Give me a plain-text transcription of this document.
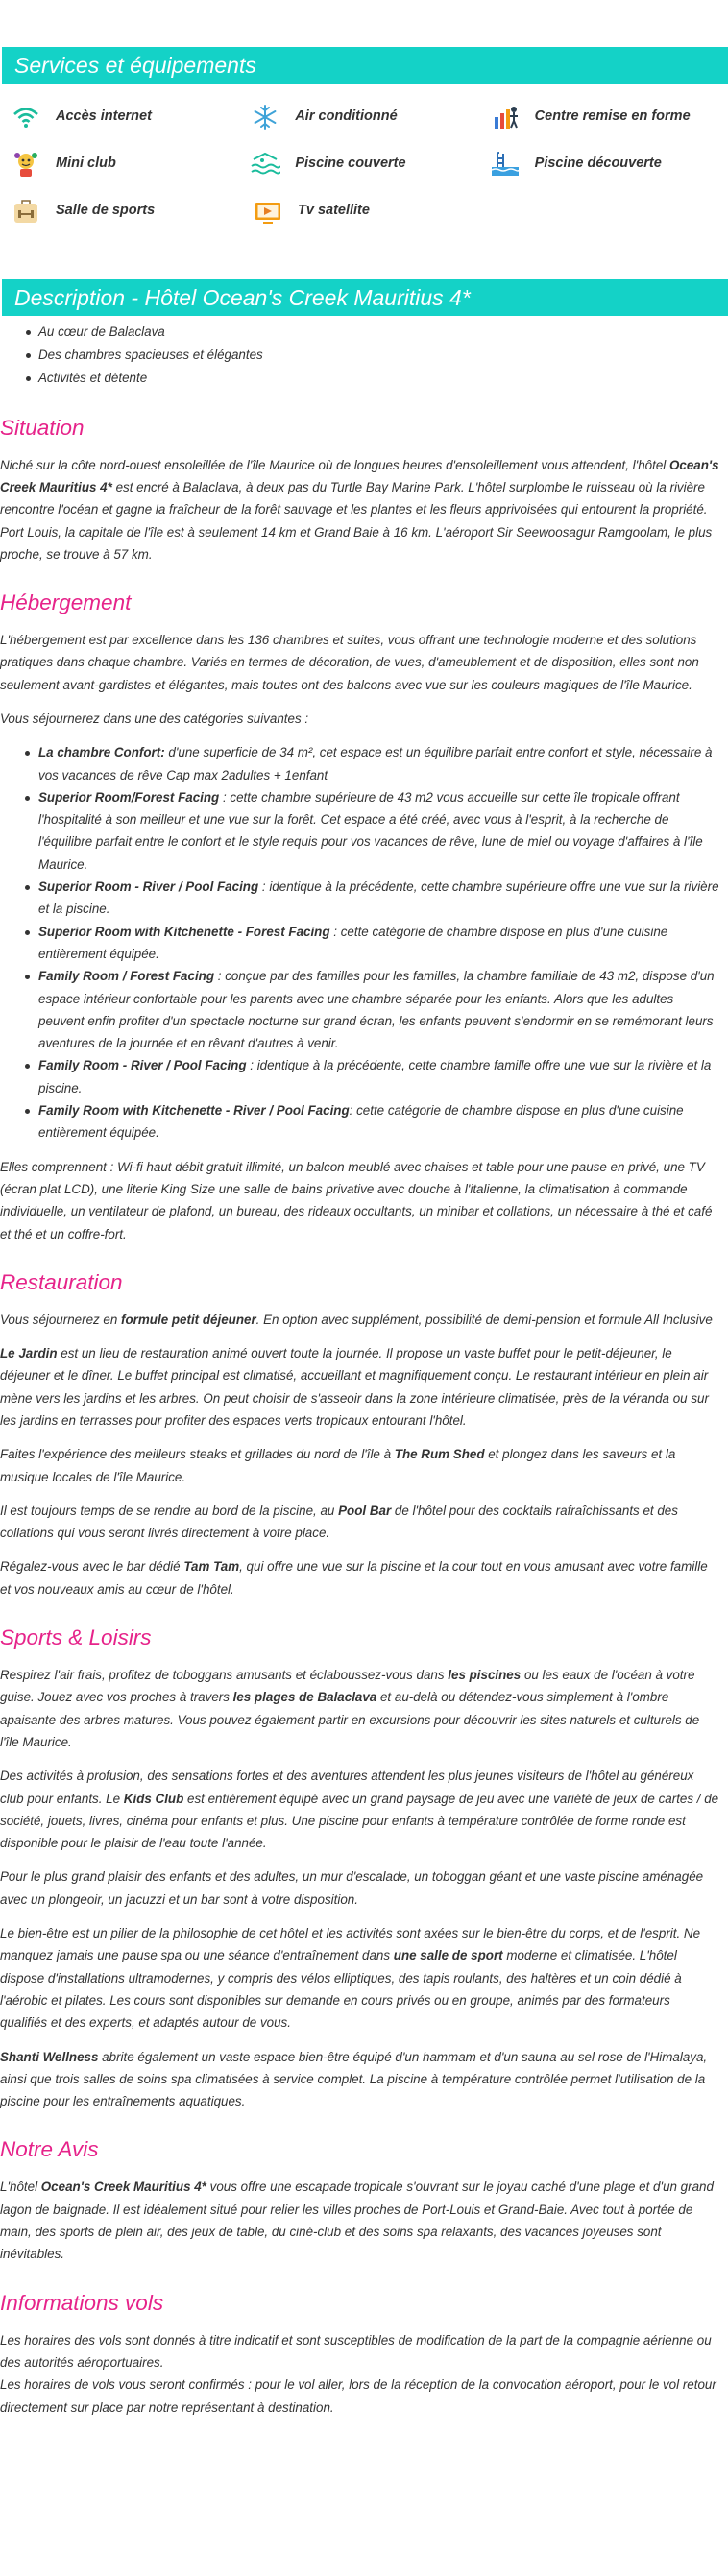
Services et équipements
Accès internet	Air conditionné	Centre remise en forme
Mini club	Piscine couverte	Piscine découverte
Salle de sports	Tv satellite
Description - Hôtel Ocean's Creek Mauritius 4*
Au cœur de Balaclava
Des chambres spacieuses et élégantes
Activités et détente
Situation

Niché sur la côte nord-ouest ensoleillée de l'île Maurice où de longues heures d'ensoleillement vous attendent, l'hôtel Ocean's Creek Mauritius 4* est encré à Balaclava, à deux pas du Turtle Bay Marine Park. L'hôtel surplombe le ruisseau où la rivière rencontre l'océan et gagne la fraîcheur de la forêt sauvage et les plantes et les fleurs apprivoisées qui entourent la propriété. Port Louis, la capitale de l'île est à seulement 14 km et Grand Baie à 16 km. L'aéroport Sir Seewoosagur Ramgoolam, le plus proche, se trouve à 57 km.

Hébergement

L'hébergement est par excellence dans les 136 chambres et suites, vous offrant une technologie moderne et des solutions pratiques dans chaque chambre. Variés en termes de décoration, de vues, d'ameublement et de disposition, elles sont non seulement avant-gardistes et élégantes, mais toutes ont des balcons avec vue sur les couleurs magiques de l'île Maurice.

Vous séjournerez dans une des catégories suivantes :

La chambre Confort: d'une superficie de 34 m², cet espace est un équilibre parfait entre confort et style, nécessaire à vos vacances de rêve Cap max 2adultes + 1enfant
Superior Room/Forest Facing : cette chambre supérieure de 43 m2 vous accueille sur cette île tropicale offrant l'hospitalité à son meilleur et une vue sur la forêt. Cet espace a été créé, avec vous à l'esprit, à la recherche de l'équilibre parfait entre le confort et le style requis pour vos vacances de rêve, lune de miel ou voyage d'affaires à l'île Maurice.
Superior Room - River / Pool Facing : identique à la précédente, cette chambre supérieure offre une vue sur la rivière et la piscine.
Superior Room with Kitchenette - Forest Facing : cette catégorie de chambre dispose en plus d'une cuisine entièrement équipée.
Family Room / Forest Facing : conçue par des familles pour les familles, la chambre familiale de 43 m2, dispose d'un espace intérieur confortable pour les parents avec une chambre séparée pour les enfants. Alors que les adultes peuvent enfin profiter d'un spectacle nocturne sur grand écran, les enfants peuvent s'endormir en se remémorant leurs aventures de la journée et en rêvant d'autres à venir.
Family Room - River / Pool Facing : identique à la précédente, cette chambre famille offre une vue sur la rivière et la piscine.
Family Room with Kitchenette - River / Pool Facing: cette catégorie de chambre dispose en plus d'une cuisine entièrement équipée.

Elles comprennent : Wi-fi haut débit gratuit illimité, un balcon meublé avec chaises et table pour une pause en privé, une TV (écran plat LCD), une literie King Size une salle de bains privative avec douche à l'italienne, la climatisation à commande individuelle, un ventilateur de plafond, un bureau, des rideaux occultants, un minibar et collations, un nécessaire à thé et café et thé et un coffre-fort.

Restauration

Vous séjournerez en formule petit déjeuner. En option avec supplément, possibilité de demi-pension et formule All Inclusive

Le Jardin est un lieu de restauration animé ouvert toute la journée. Il propose un vaste buffet pour le petit-déjeuner, le déjeuner et le dîner. Le buffet principal est climatisé, accueillant et magnifiquement conçu. Le restaurant intérieur en plein air mène vers les jardins et les arbres. On peut choisir de s'asseoir dans la zone intérieure climatisée, près de la véranda ou sur les jardins en terrasses pour profiter des espaces verts tropicaux entourant l'hôtel.

Faites l'expérience des meilleurs steaks et grillades du nord de l'île à The Rum Shed et plongez dans les saveurs et la musique locales de l'île Maurice.

Il est toujours temps de se rendre au bord de la piscine, au Pool Bar de l'hôtel pour des cocktails rafraîchissants et des collations qui vous seront livrés directement à votre place.

Régalez-vous avec le bar dédié Tam Tam, qui offre une vue sur la piscine et la cour tout en vous amusant avec votre famille et vos nouveaux amis au cœur de l'hôtel.

Sports & Loisirs

Respirez l'air frais, profitez de toboggans amusants et éclaboussez-vous dans les piscines ou les eaux de l'océan à votre guise. Jouez avec vos proches à travers les plages de Balaclava et au-delà ou détendez-vous simplement à l'ombre apaisante des arbres matures. Vous pouvez également partir en excursions pour découvrir les sites naturels et culturels de l'île Maurice.

Des activités à profusion, des sensations fortes et des aventures attendent les plus jeunes visiteurs de l'hôtel au généreux club pour enfants. Le Kids Club est entièrement équipé avec un grand paysage de jeu avec une variété de jeux de cartes / de société, jouets, livres, cinéma pour enfants et plus. Une piscine pour enfants à température contrôlée de forme ronde est disponible pour le plaisir de l'eau toute l'année.

Pour le plus grand plaisir des enfants et des adultes, un mur d'escalade, un toboggan géant et une vaste piscine aménagée avec un plongeoir, un jacuzzi et un bar sont à votre disposition.

Le bien-être est un pilier de la philosophie de cet hôtel et les activités sont axées sur le bien-être du corps, et de l'esprit. Ne manquez jamais une pause spa ou une séance d'entraînement dans une salle de sport moderne et climatisée. L'hôtel dispose d'installations ultramodernes, y compris des vélos elliptiques, des tapis roulants, des haltères et un coin dédié à l'aérobic et pilates. Les cours sont disponibles sur demande en cours privés ou en groupe, animés par des formateurs qualifiés et des experts, et adaptés autour de vous.

Shanti Wellness abrite également un vaste espace bien-être équipé d'un hammam et d'un sauna au sel rose de l'Himalaya, ainsi que trois salles de soins spa climatisées à service complet. La piscine à température contrôlée permet l'utilisation de la piscine pour les entraînements aquatiques.

Notre Avis

L'hôtel Ocean's Creek Mauritius 4* vous offre une escapade tropicale s'ouvrant sur le joyau caché d'une plage et d'un grand lagon de baignade. Il est idéalement situé pour relier les villes proches de Port-Louis et Grand-Baie. Avec tout à portée de main, des sports de plein air, des jeux de table, du ciné-club et des soins spa relaxants, des vacances joyeuses sont inévitables.

Informations vols

Les horaires des vols sont donnés à titre indicatif et sont susceptibles de modification de la part de la compagnie aérienne ou des autorités aéroportuaires.

Les horaires de vols vous seront confirmés : pour le vol aller, lors de la réception de la convocation aéroport, pour le vol retour directement sur place par notre représentant à destination.
